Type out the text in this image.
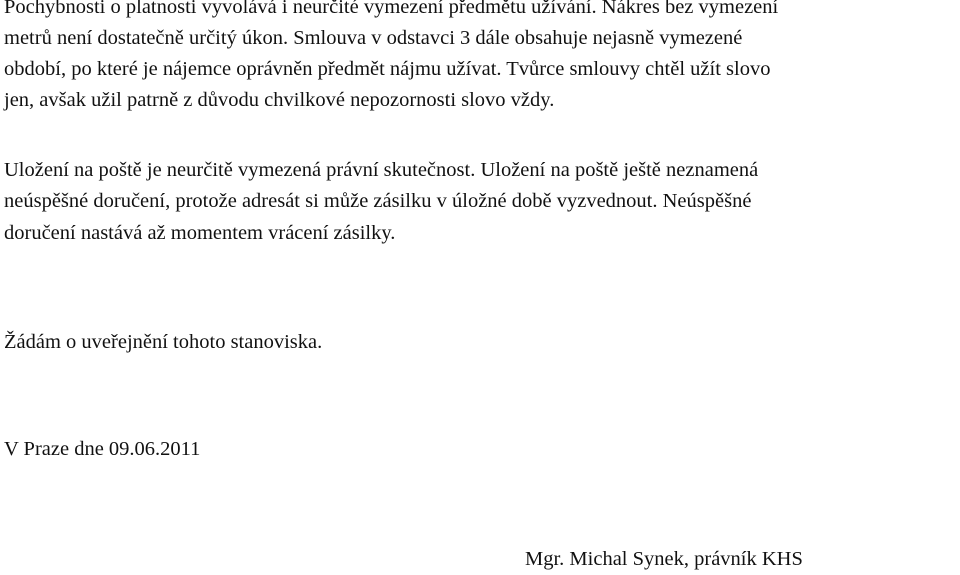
Pochybnosti o platnosti vyvolává i neurčité vymezení předmětu užívání. Nákres bez vymezení
metrů není dostatečně určitý úkon. Smlouva v odstavci 3 dále obsahuje nejasně vymezené
období, po které je nájemce oprávněn předmět nájmu užívat. Tvůrce smlouvy chtěl užít slovo
jen, avšak užil patrně z důvodu chvilkové nepozornosti slovo vždy.
Uložení na poště je neurčitě vymezená právní skutečnost. Uložení na poště ještě neznamená
neúspěšné doručení, protože adresát si může zásilku v úložné době vyzvednout. Neúspěšné
doručení nastává až momentem vrácení zásilky.
Žádám o uveřejnění tohoto stanoviska.
V Praze dne 09.06.2011
Mgr. Michal Synek, právník KHS
